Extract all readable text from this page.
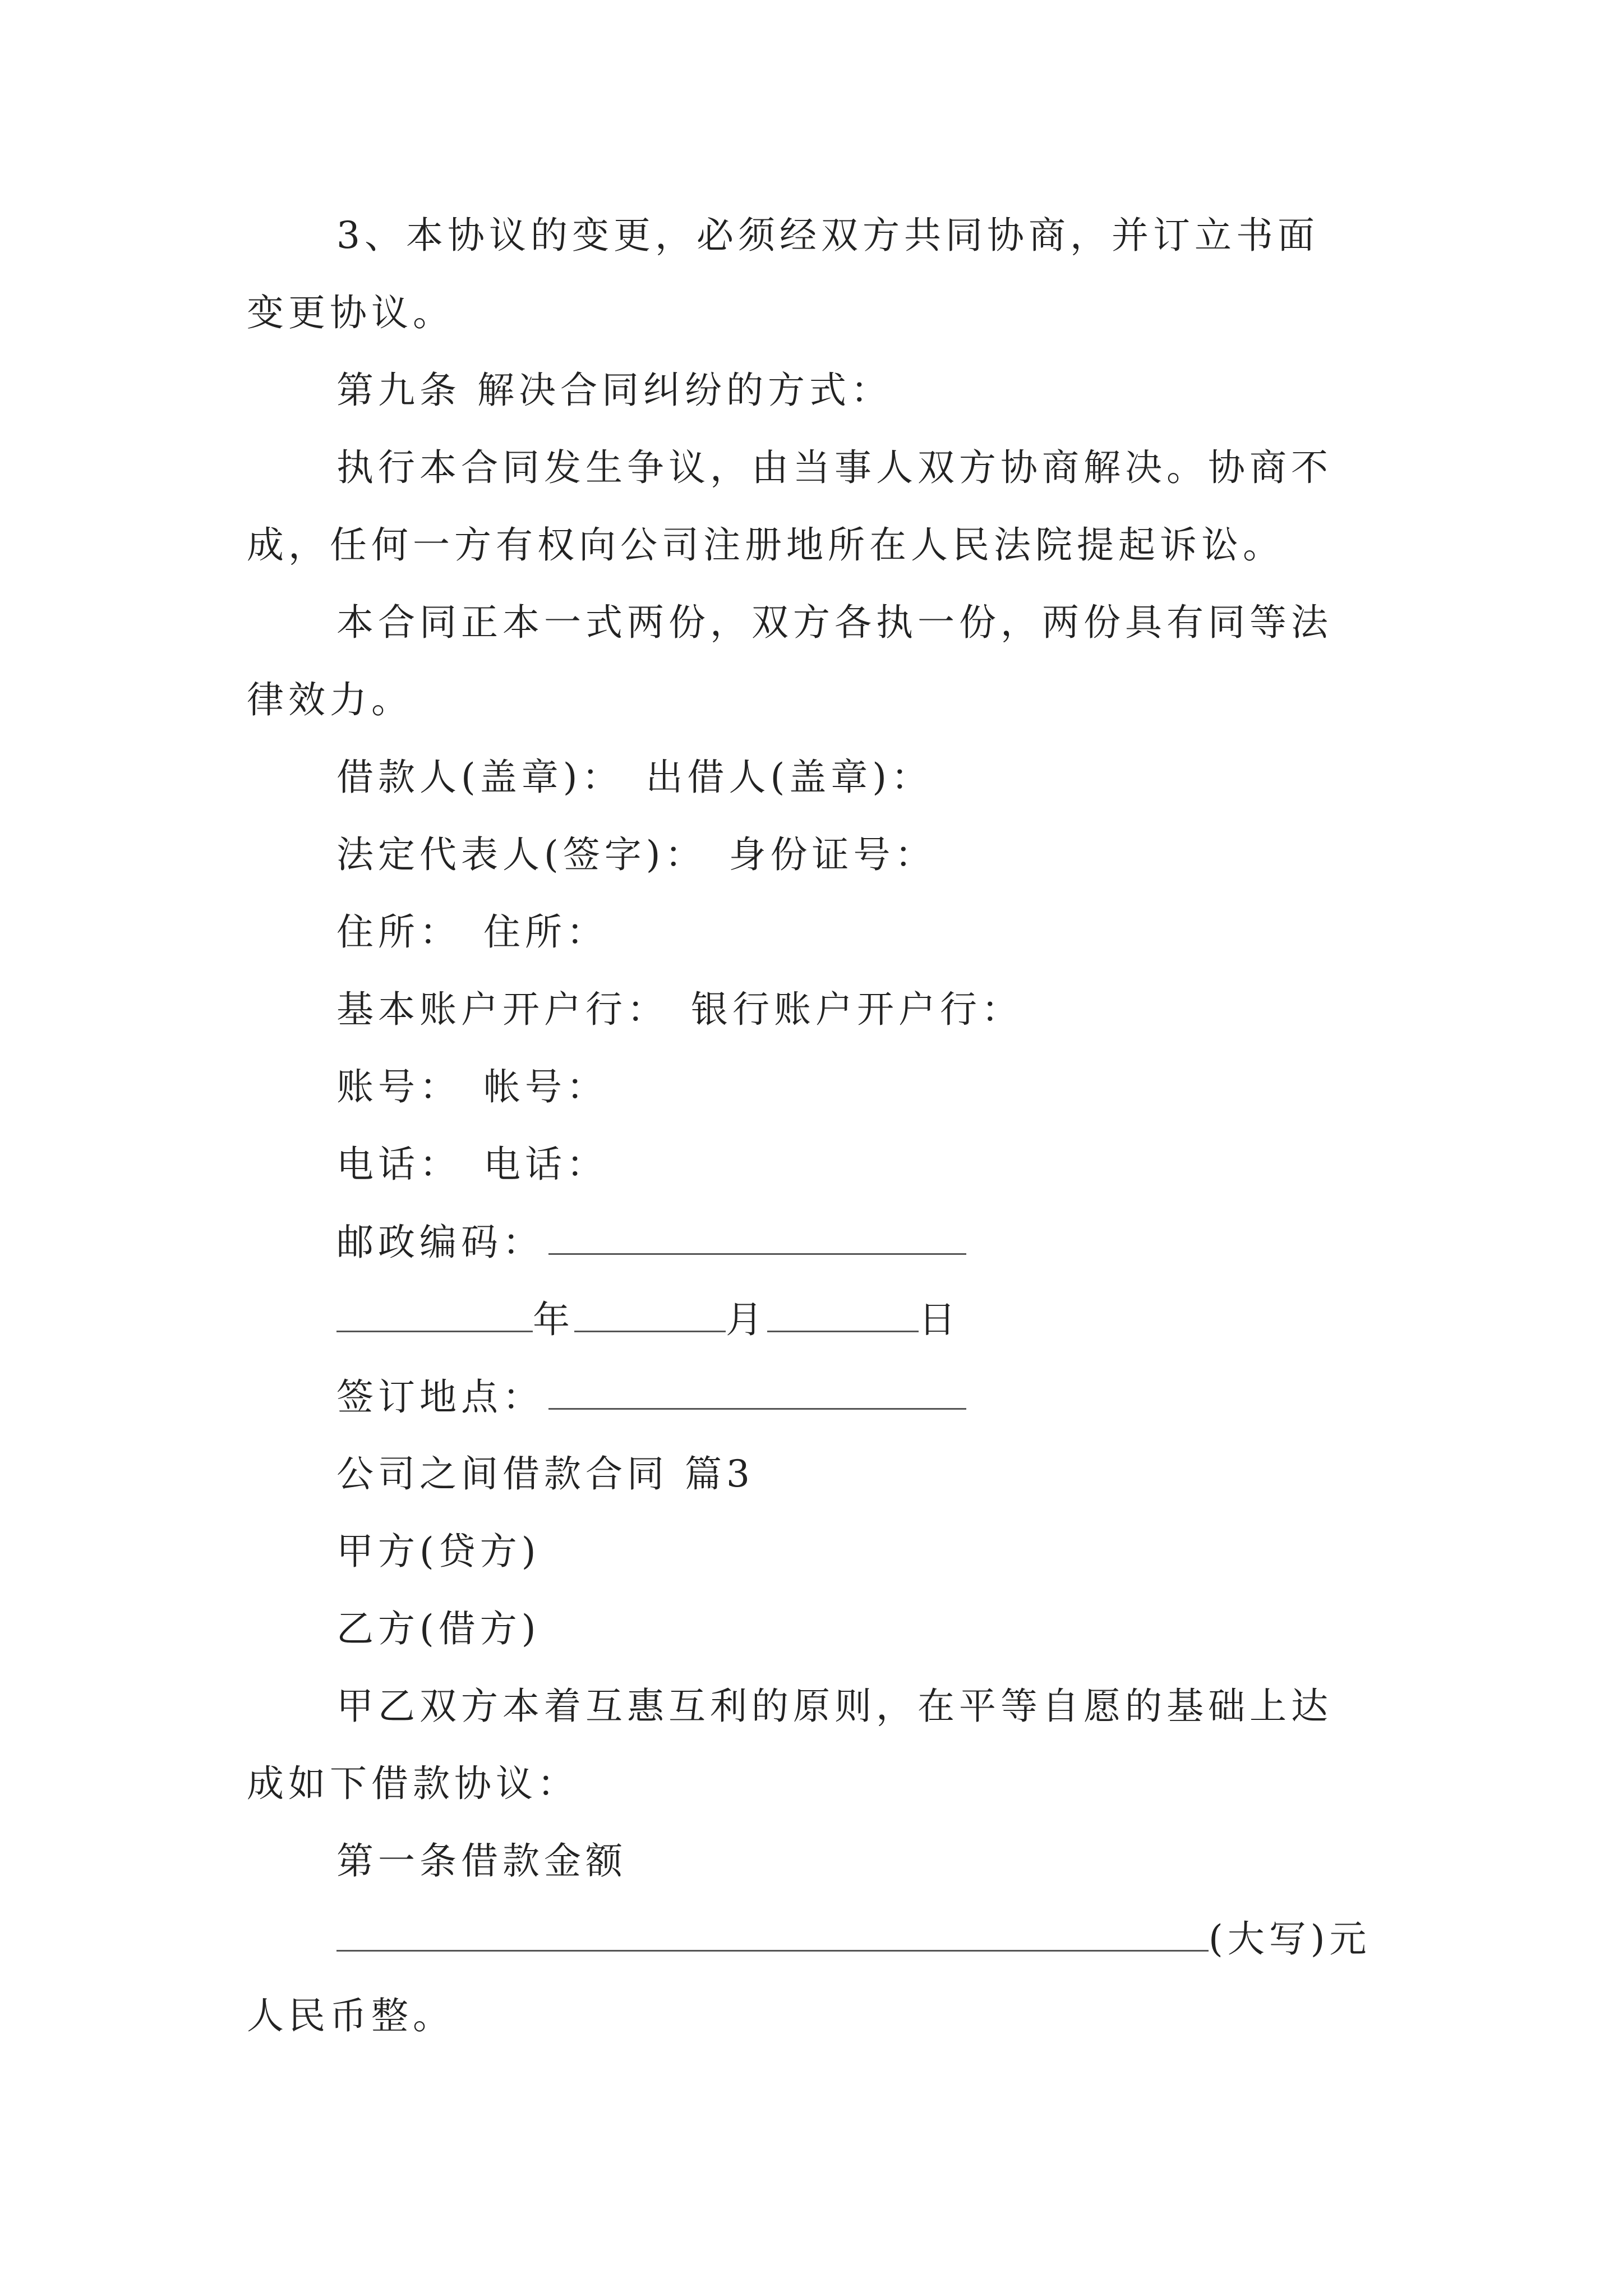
3、本协议的变更，必须经双方共同协商，并订立书面
变更协议。
第九条 解决合同纠纷的方式：
执行本合同发生争议，由当事人双方协商解决。协商不
成，任何一方有权向公司注册地所在人民法院提起诉讼。
本合同正本一式两份，双方各执一份，两份具有同等法
律效力。
借款人(盖章)： 出借人(盖章)：
法定代表人(签字)： 身份证号：
住所： 住所：
基本账户开户行： 银行账户开户行：
账号： 帐号：
电话： 电话：
邮政编码：
年	月	日
签订地点：
公司之间借款合同 篇3
甲方(贷方)
乙方(借方)
甲乙双方本着互惠互利的原则，在平等自愿的基础上达
成如下借款协议：
第一条借款金额
(大写)元
人民币整。
